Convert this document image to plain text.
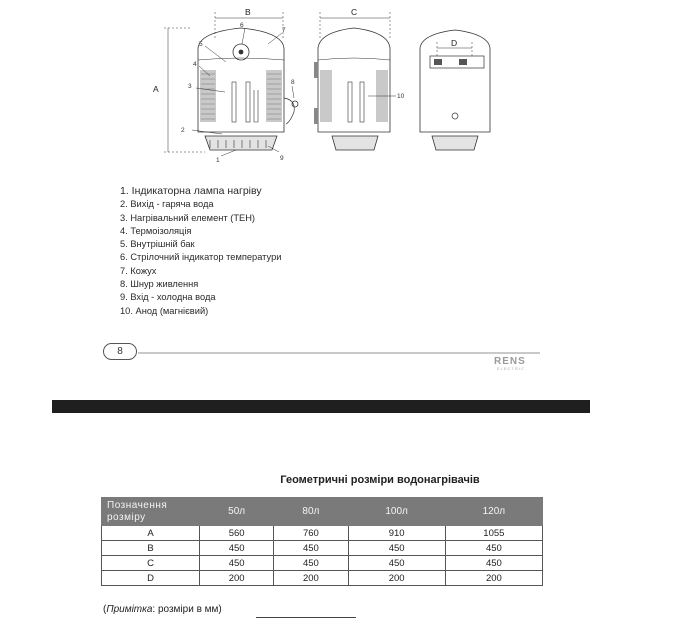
A
B	C
D
1
2
3
4
5
6
7
8
9
10
1. Індикаторна лампа нагріву
2. Вихід - гаряча вода
3. Нагрівальний елемент (ТЕН)
4. Термоізоляція
5. Внутрішній бак
6. Стрілочний індикатор температури
7. Кожух
8. Шнур живлення
9. Вхід - холодна вода
10. Анод (магнієвий)
8
RENS
ELECTRIC
Геометричні розміри водонагрівачів
Позначення
розміру	50л	80л	100л	120л
A	560	760	910	1055
B	450	450	450	450
C	450	450	450	450
D	200	200	200	200
(Примітка: розміри в мм)
